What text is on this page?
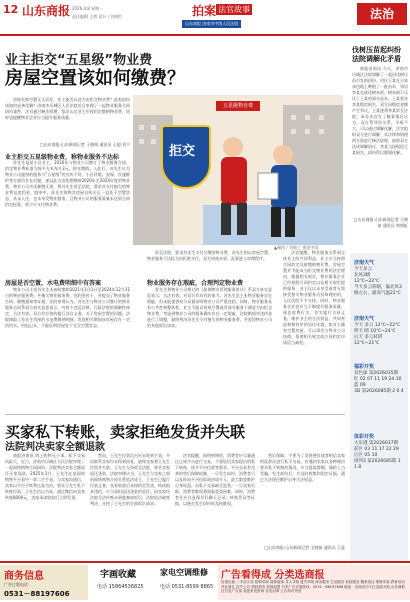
12 山东商报 2026.4.8 星期一
责任编辑 王茜 设计 / 苏晓红	拍案 法官故事
山东商报 济南市中级人民法院
法治
业主拒交“五星级”物业费
房屋空置该如何缴费？

房屋长期空置无人居住，业主能否以此为由拒交物业费？此类纠纷该如何妥善化解？济南市历城区人民法院近日审理了一起物业服务合同纠纷案件，法官通过释法明理，依法认定业主应按约定缴纳物业费，同时也提醒物业企业应当提升服务质量。

□山东商报·山东新闻记者 王晓萌 通讯员 王超 刘宁
五星级物业费
拒交
▲制图 / 刘新之 视觉中国
业主拒交五星级物业费，称物业服务不达标

苏先生是某小区业主，2016年与物业公司签订了物业服务合同，约定物业费标准为每平方米每月3元，按年缴纳。入住后，苏先生认为物业公司提供的服务与“五星级”的宣传不符，小区环境、安保、设施维护等方面均存在问题，遂以此为由拒绝缴纳2020年至2024年度的物业费。物业公司多次催缴无果，将苏先生诉至法院，要求其支付拖欠的物业费及违约金。庭审中，苏先生辩称其房屋自购买后一直处于空置状态，从未入住，也未享受物业服务，且物业公司的服务质量未达到合同约定标准，故不应支付物业费。

房屋是否空置，水电费明细中有答案

物业公司主张苏先生未按时缴纳2021年1月1日至2024年12月31日的物业服务费，共拖欠物业服务费、违约金若干，并提交了物业服务合同、催缴通知等证据。法院审理认为，苏先生与物业公司签订的物业服务合同系双方真实意思表示，内容不违反法律、行政法规的强制性规定，合法有效，双方均应按约履行各自义务。关于房屋空置的问题，法院调取了苏先生房屋的水电费缴纳明细，发现相关期间该房屋存在一定的用水、用电记录，不能证明房屋处于完全空置状态。

诉至法院，要求苏先生支付欠缴的物业费，苏先生则以房屋空置、物业服务不达标为由拒绝支付，双方协商未果，此案进入审理程序。

物业服务存在瑕疵，合理判定物业费

苏先生和物业公司签订的《前期物业管理服务协议》系双方真实意思表示，合法有效，对双方均具有约束力。苏先生虽主张物业服务存在瑕疵，但未能提供充分证据证明物业公司严重违约。同时，物业服务具有公共性和整体性，业主不能以房屋空置或对部分服务不满意为由拒交物业费。考虑到物业公司的服务确实存在一定瑕疵，法院酌情对违约金进行了调整，最终判决苏先生支付拖欠的物业服务费，并驳回物业公司的其他诉讼请求。

法官提醒，物业服务关系到全体业主的共同利益，业主应当按照合同约定及时缴纳物业费，房屋空置并不能成为拒交物业费的法定理由。根据相关规定，物业服务企业已经按照合同约定以及相关规定提供服务，业主仅以未享受或者无需接受相关物业服务为抗辩理由的，人民法院不予支持。同时，物业服务企业也应当不断提升服务质量，规范收费行为，切实履行合同义务，维护业主的合法权益，共同营造和谐有序的居住环境。如业主确有空置房屋，可以事先与物业公司协商，依照相关规定或合同约定申请适当减免。

伐树压苗起纠纷 法院调解化矛盾

商报济南讯 今天，济南市历城区法院调解了一起因伐树压苗引发的纠纷。村民王某在自家承包地上种植了一批苗木，邻居李某在砍伐树木时，树木倒下压坏了王某的部分苗木。王某要求李某赔偿损失，双方因赔偿金额产生争议，王某遂将李某诉至法院。承办法官在了解案情后认为，双方系邻里关系，矛盾不大，可以通过调解化解。法官组织双方进行调解，从法律和情理两方面进行释法说理，最终双方达成调解协议，李某当场赔偿王某损失，纠纷得以圆满化解。

□山东商报·山东新闻记者 王晓萌 通讯员 黄相虹
济南天气
今天多云
北风3级
12℃~22℃
今天多云转晴，偏北风3级左右，最高气温22℃
济南天气
今天 多云 12℃~22℃
明天 晴 10℃~24℃
后天 多云转阴 12℃~21℃
福彩开奖
双色球 第2026035期
红 02 07 11 19 24 30
蓝 09
3D 第2026085期 2 0 4
体彩开奖
大乐透 第2026037期
前区 03 11 17 22 29
后区 05 10
排列3 第2026085期 1 1 8
买家私下转账，卖家拒绝发货并失联
法院判决卖家全额退款

商报济南讯 线上购物无小事，私下交易风险大。近日，济南市历城区人民法院审理了一起网络购物合同纠纷，法院判决卖家全额退还买家货款。2025年3月，王先生在某网络购物平台看中一款二手手表，与卖家沟通后，卖家以平台手续费过高为由，要求王先生私下转账付款。王先生信以为真，通过微信向卖家转账8000元，卖家承诺收款后立即发货。

然而，王先生付款后迟迟未收到手表，多次联系卖家均未得到回复，最终卖家将王先生拉黑并失联。王先生无奈诉至法院，要求卖家退还货款。法院审理认为，王先生与卖家之间的网络购物合同关系依法成立，王先生已履行付款义务，卖家收款后未按约定发货，构成根本违约，应当承担返还货款的责任。因卖家经法院合法传唤未到庭参加诉讼，法院依法缺席判决，支持了王先生的全部诉讼请求。

法官提醒，网络购物时，消费者应尽量通过正规平台进行交易，不要轻信卖家提出的私下转账、绕开平台付款等要求。平台交易有完善的售后保障机制，一旦发生纠纷，消费者可以及时向平台投诉或申请介入，最大限度维护自身权益。而私下交易缺乏监管，一旦卖家失联，消费者维权将面临重重困难。同时，消费者还应注意保存好聊天记录、转账凭证等证据，以便在发生纠纷时及时维权。

售后保障，不要为了贪图便宜或者相信卖家的说辞而进行私下交易。若遇到卖家以各种理由要求私下转账的情况，应当提高警惕，谨防上当受骗。发生纠纷后，应及时收集和固定证据，通过合法途径维护自身合法权益。

□山东商报·山东新闻记者 王晓萌 通讯员 王蕊
商务信息
广告订版电话
0531－88197606
字画收藏
电话 15864536825
家电空调维修
电话 0531-8599 8865
广告看得成 分类选商报
房屋出租 二手房买卖 招聘求职 装修装饰 寻人寻物 遗失声明 商务服务 生活服务 家政服务 搬家清洁 维修安装 教育培训 开业典礼 挂失公告 债权债务 招商加盟 分类广告订版热线：0531－88197606 地址：济南市历下区泺源大街 山东商报社分类广告部 欢迎来电咨询 各类启事 公告均可刊登
